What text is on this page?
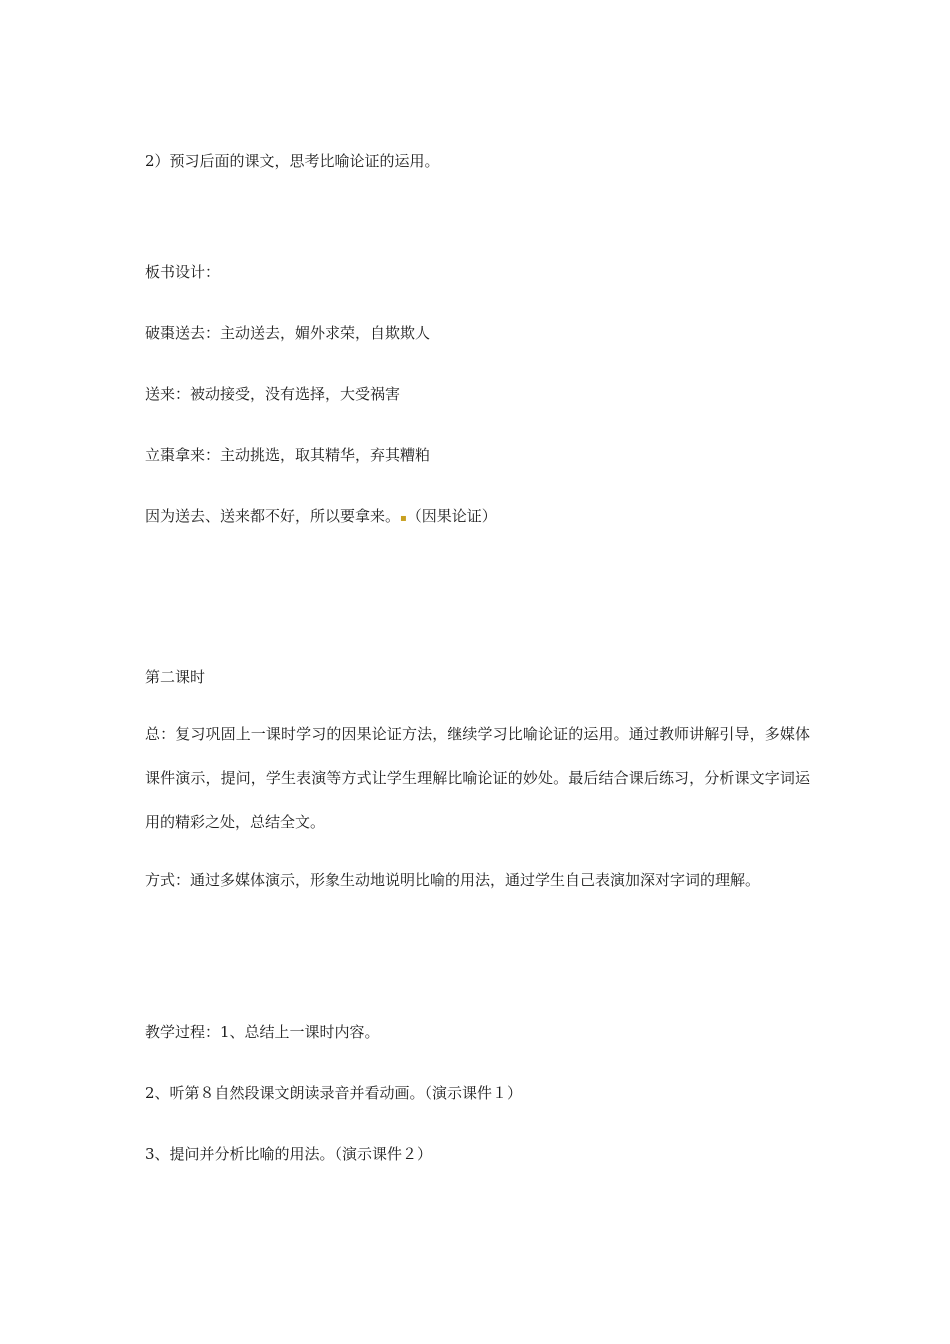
2）预习后面的课文，思考比喻论证的运用。
板书设计：
破棗送去：主动送去，媚外求荣，自欺欺人
送来：被动接受，没有选择，大受祸害
立棗拿来：主动挑选，取其精华，弃其糟粕
因为送去、送来都不好，所以要拿来。▪（因果论证）
第二课时
总：复习巩固上一课时学习的因果论证方法，继续学习比喻论证的运用。通过教师讲解引导，多媒体课件演示，提问，学生表演等方式让学生理解比喻论证的妙处。最后结合课后练习，分析课文字词运用的精彩之处，总结全文。
方式：通过多媒体演示，形象生动地说明比喻的用法，通过学生自己表演加深对字词的理解。
教学过程：1、总结上一课时内容。
2、听第８自然段课文朗读录音并看动画。（演示课件１）
3、提问并分析比喻的用法。（演示课件２）
